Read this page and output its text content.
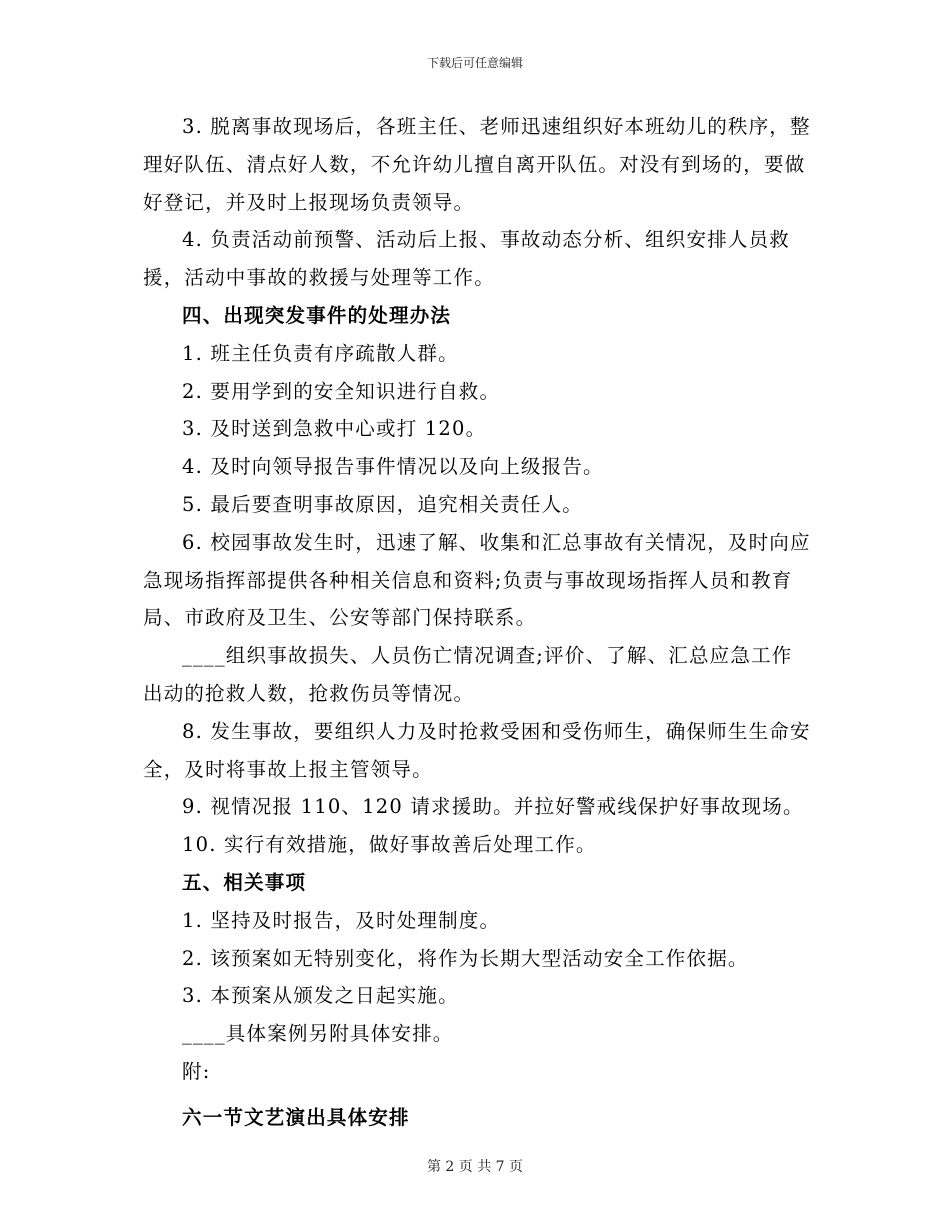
下载后可任意编辑

3. 脱离事故现场后，各班主任、老师迅速组织好本班幼儿的秩序，整理好队伍、清点好人数，不允许幼儿擅自离开队伍。对没有到场的，要做好登记，并及时上报现场负责领导。

4. 负责活动前预警、活动后上报、事故动态分析、组织安排人员救援，活动中事故的救援与处理等工作。

四、出现突发事件的处理办法

1. 班主任负责有序疏散人群。

2. 要用学到的安全知识进行自救。

3. 及时送到急救中心或打 120。

4. 及时向领导报告事件情况以及向上级报告。

5. 最后要查明事故原因，追究相关责任人。

6. 校园事故发生时，迅速了解、收集和汇总事故有关情况，及时向应急现场指挥部提供各种相关信息和资料;负责与事故现场指挥人员和教育局、市政府及卫生、公安等部门保持联系。

____组织事故损失、人员伤亡情况调查;评价、了解、汇总应急工作出动的抢救人数，抢救伤员等情况。

8. 发生事故，要组织人力及时抢救受困和受伤师生，确保师生生命安全，及时将事故上报主管领导。

9. 视情况报 110、120 请求援助。并拉好警戒线保护好事故现场。

10. 实行有效措施，做好事故善后处理工作。

五、相关事项

1. 坚持及时报告，及时处理制度。

2. 该预案如无特别变化，将作为长期大型活动安全工作依据。

3. 本预案从颁发之日起实施。

____具体案例另附具体安排。

附:

六一节文艺演出具体安排

第 2 页 共 7 页
